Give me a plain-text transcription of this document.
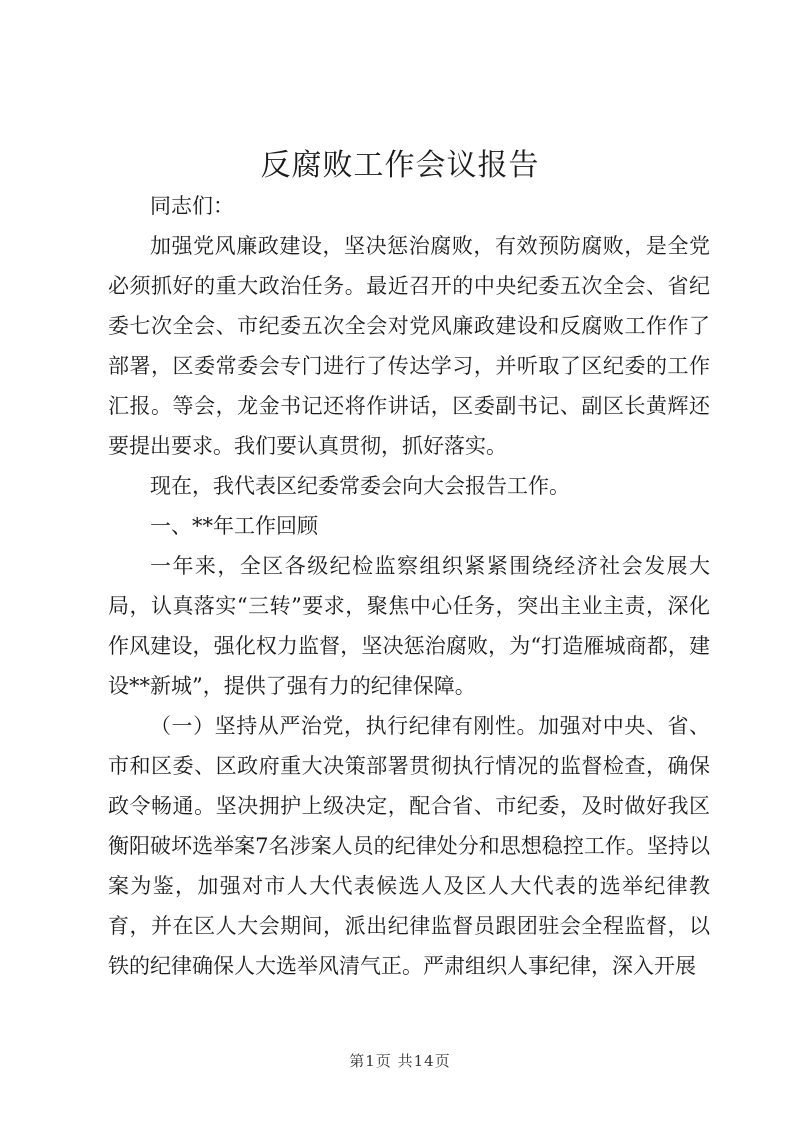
反腐败工作会议报告

同志们：

加强党风廉政建设，坚决惩治腐败，有效预防腐败，是全党必须抓好的重大政治任务。最近召开的中央纪委五次全会、省纪委七次全会、市纪委五次全会对党风廉政建设和反腐败工作作了部署，区委常委会专门进行了传达学习，并听取了区纪委的工作汇报。等会，龙金书记还将作讲话，区委副书记、副区长黄辉还要提出要求。我们要认真贯彻，抓好落实。

现在，我代表区纪委常委会向大会报告工作。

一、**年工作回顾

一年来，全区各级纪检监察组织紧紧围绕经济社会发展大局，认真落实“三转”要求，聚焦中心任务，突出主业主责，深化作风建设，强化权力监督，坚决惩治腐败，为“打造雁城商都，建设**新城”，提供了强有力的纪律保障。

（一）坚持从严治党，执行纪律有刚性。加强对中央、省、市和区委、区政府重大决策部署贯彻执行情况的监督检查，确保政令畅通。坚决拥护上级决定，配合省、市纪委，及时做好我区衡阳破坏选举案7名涉案人员的纪律处分和思想稳控工作。坚持以案为鉴，加强对市人大代表候选人及区人大代表的选举纪律教育，并在区人大会期间，派出纪律监督员跟团驻会全程监督，以铁的纪律确保人大选举风清气正。严肃组织人事纪律，深入开展

第1页 共14页
